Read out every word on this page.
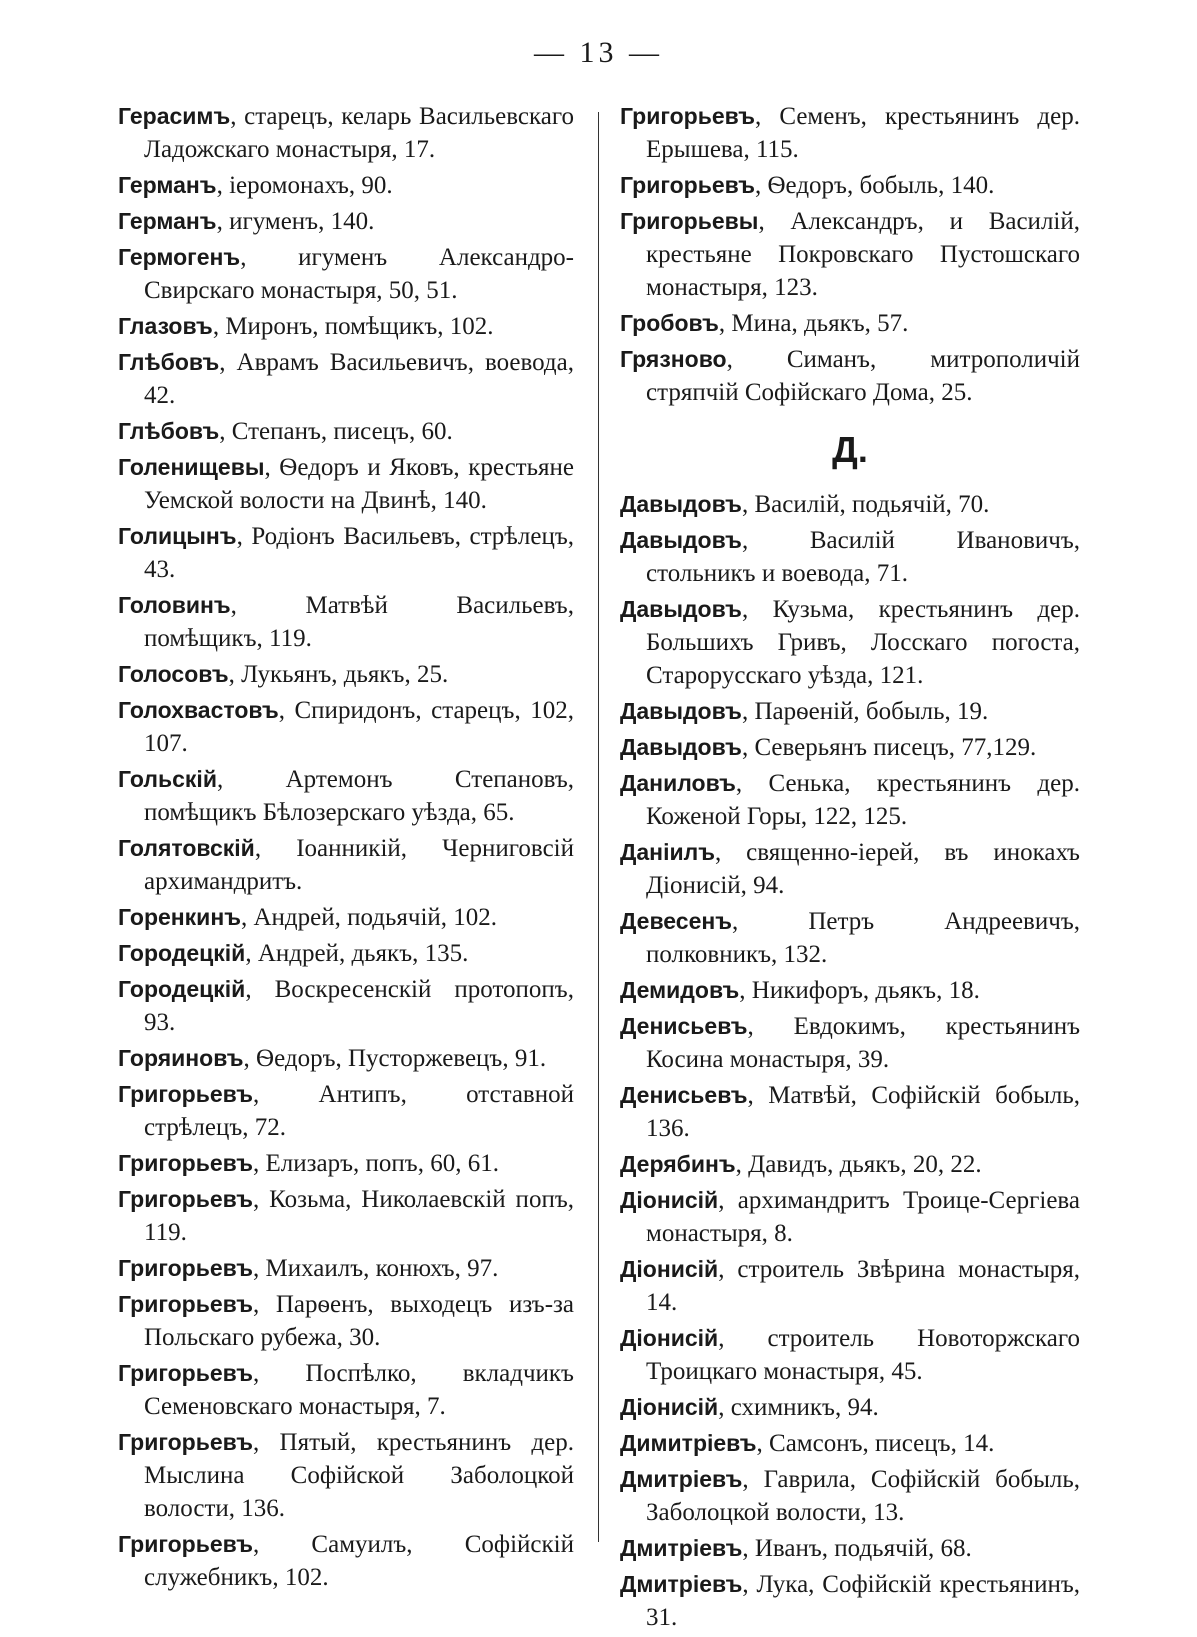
— 13 —
Герасимъ, старецъ, келарь Васильевскаго Ладожскаго монастыря, 17.
Германъ, іеромонахъ, 90.
Германъ, игуменъ, 140.
Гермогенъ, игуменъ Александро-Свирскаго монастыря, 50, 51.
Глазовъ, Миронъ, помѣщикъ, 102.
Глѣбовъ, Аврамъ Васильевичъ, воевода, 42.
Глѣбовъ, Степанъ, писецъ, 60.
Голенищевы, Ѳедоръ и Яковъ, крестьяне Уемской волости на Двинѣ, 140.
Голицынъ, Родіонъ Васильевъ, стрѣлецъ, 43.
Головинъ, Матвѣй Васильевъ, помѣщикъ, 119.
Голосовъ, Лукьянъ, дьякъ, 25.
Голохвастовъ, Спиридонъ, старецъ, 102, 107.
Гольскій, Артемонъ Степановъ, помѣщикъ Бѣлозерскаго уѣзда, 65.
Голятовскій, Іоанникій, Черниговсій архимандритъ.
Горенкинъ, Андрей, подьячій, 102.
Городецкій, Андрей, дьякъ, 135.
Городецкій, Воскресенскій протопопъ, 93.
Горяиновъ, Ѳедоръ, Пусторжевецъ, 91.
Григорьевъ, Антипъ, отставной стрѣлецъ, 72.
Григорьевъ, Елизаръ, попъ, 60, 61.
Григорьевъ, Козьма, Николаевскій попъ, 119.
Григорьевъ, Михаилъ, конюхъ, 97.
Григорьевъ, Парѳенъ, выходецъ изъ-за Польскаго рубежа, 30.
Григорьевъ, Поспѣлко, вкладчикъ Семеновскаго монастыря, 7.
Григорьевъ, Пятый, крестьянинъ дер. Мыслина Софійской Заболоцкой волости, 136.
Григорьевъ, Самуилъ, Софійскій служебникъ, 102.
Григорьевъ, Семенъ, крестьянинъ дер. Ерышева, 115.
Григорьевъ, Ѳедоръ, бобыль, 140.
Григорьевы, Александръ, и Василій, крестьяне Покровскаго Пустошскаго монастыря, 123.
Гробовъ, Мина, дьякъ, 57.
Грязново, Симанъ, митрополичій стряпчій Софійскаго Дома, 25.
Д.
Давыдовъ, Василій, подьячій, 70.
Давыдовъ, Василій Ивановичъ, стольникъ и воевода, 71.
Давыдовъ, Кузьма, крестьянинъ дер. Большихъ Гривъ, Лосскаго погоста, Старорусскаго уѣзда, 121.
Давыдовъ, Парѳеній, бобыль, 19.
Давыдовъ, Северьянъ писецъ, 77,129.
Даниловъ, Сенька, крестьянинъ дер. Коженой Горы, 122, 125.
Даніилъ, священно-іерей, въ инокахъ Діонисій, 94.
Девесенъ, Петръ Андреевичъ, полковникъ, 132.
Демидовъ, Никифоръ, дьякъ, 18.
Денисьевъ, Евдокимъ, крестьянинъ Косина монастыря, 39.
Денисьевъ, Матвѣй, Софійскій бобыль, 136.
Дерябинъ, Давидъ, дьякъ, 20, 22.
Діонисій, архимандритъ Троице-Сергіева монастыря, 8.
Діонисій, строитель Звѣрина монастыря, 14.
Діонисій, строитель Новоторжскаго Троицкаго монастыря, 45.
Діонисій, схимникъ, 94.
Димитріевъ, Самсонъ, писецъ, 14.
Дмитріевъ, Гаврила, Софійскій бобыль, Заболоцкой волости, 13.
Дмитріевъ, Иванъ, подьячій, 68.
Дмитріевъ, Лука, Софійскій крестьянинъ, 31.
